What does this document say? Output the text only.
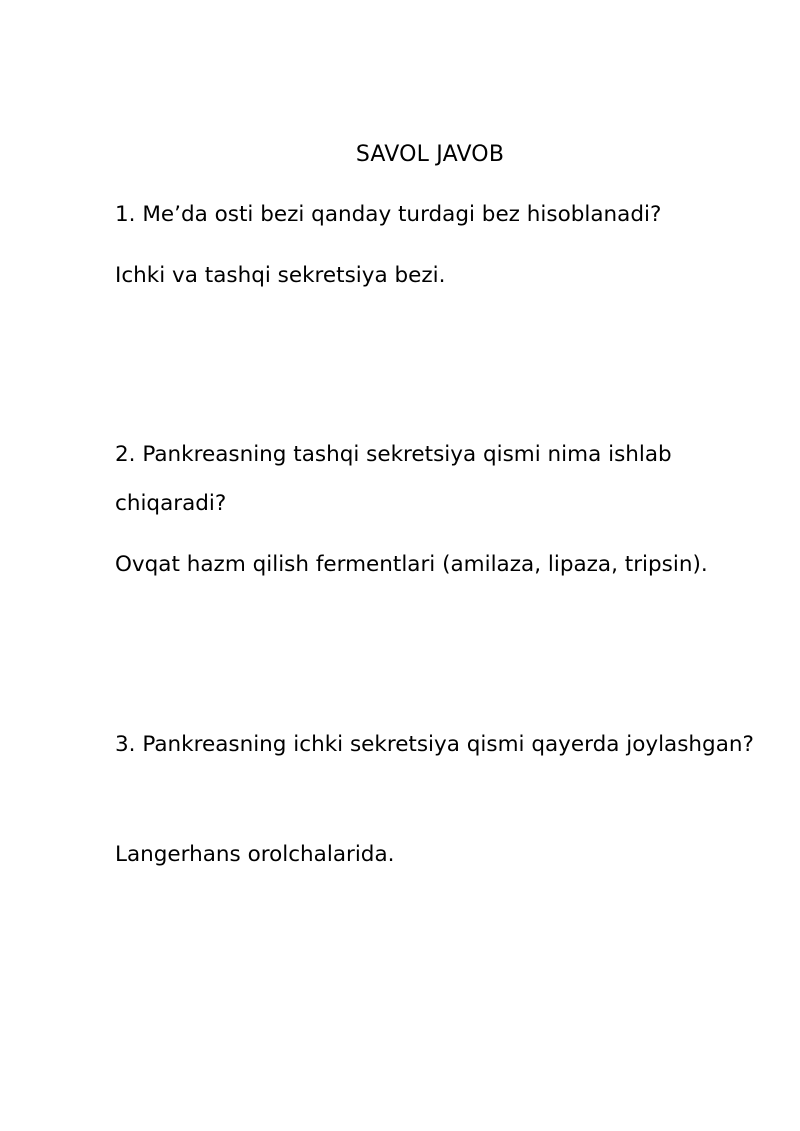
SAVOL JAVOB
1. Me’da osti bezi qanday turdagi bez hisoblanadi?
Ichki va tashqi sekretsiya bezi.
2. Pankreasning tashqi sekretsiya qismi nima ishlab chiqaradi?
Ovqat hazm qilish fermentlari (amilaza, lipaza, tripsin).
3. Pankreasning ichki sekretsiya qismi qayerda joylashgan?
Langerhans orolchalarida.
